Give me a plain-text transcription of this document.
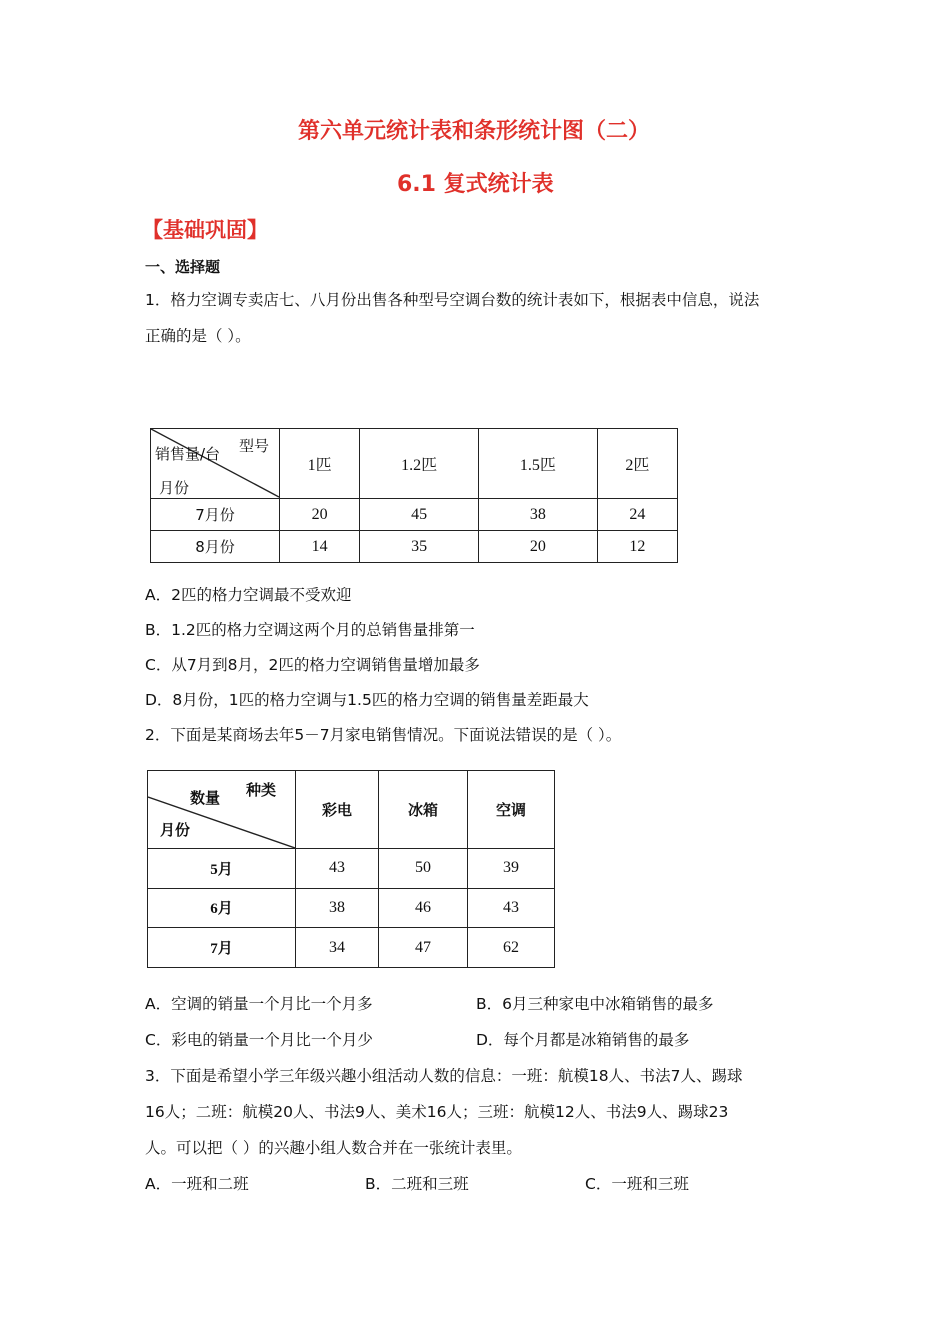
第六单元统计表和条形统计图（二）
6.1 复式统计表
【基础巩固】
一、选择题
1．格力空调专卖店七、八月份出售各种型号空调台数的统计表如下，根据表中信息，说法
正确的是（ ）。
型号
销售量/台
月份	1匹	1.2匹	1.5匹	2匹
7月份	20	45	38	24
8月份	14	35	20	12
A．2匹的格力空调最不受欢迎
B．1.2匹的格力空调这两个月的总销售量排第一
C．从7月到8月，2匹的格力空调销售量增加最多
D．8月份，1匹的格力空调与1.5匹的格力空调的销售量差距最大
2．下面是某商场去年5－7月家电销售情况。下面说法错误的是（ ）。
种类
数量
月份	彩电	冰箱	空调
5月	43	50	39
6月	38	46	43
7月	34	47	62
A．空调的销量一个月比一个月多	B．6月三种家电中冰箱销售的最多
C．彩电的销量一个月比一个月少	D．每个月都是冰箱销售的最多
3．下面是希望小学三年级兴趣小组活动人数的信息：一班：航模18人、书法7人、踢球
16人；二班：航模20人、书法9人、美术16人；三班：航模12人、书法9人、踢球23
人。可以把（ ）的兴趣小组人数合并在一张统计表里。
A．一班和二班	B．二班和三班	C．一班和三班
